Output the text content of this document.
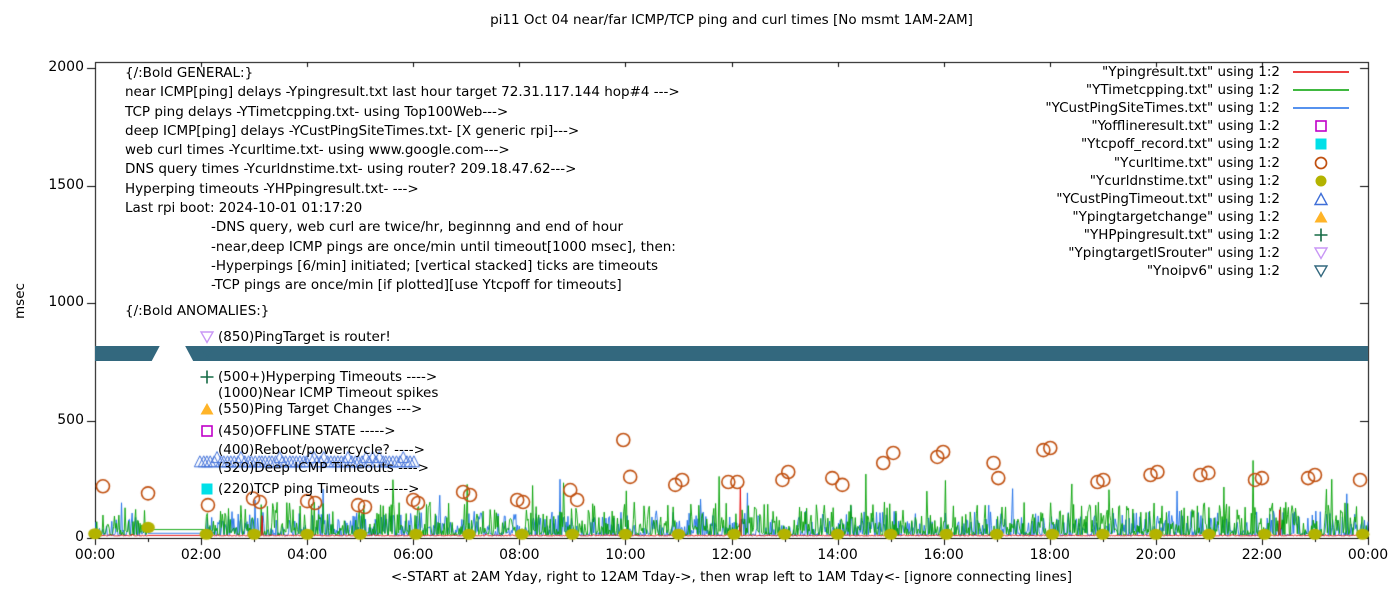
pi11 Oct 04 near/far ICMP/TCP ping and curl times [No msmt 1AM-2AM]
msec
<-START at 2AM Yday, right to 12AM Tday->, then wrap left to 1AM Tday<- [ignore connecting lines]
0
500
1000
1500
2000
00:00	02:00	04:00	06:00	08:00	10:00	12:00	14:00	16:00	18:00	20:00	22:00	00:00
{/:Bold GENERAL:}
near ICMP[ping] delays -Ypingresult.txt last hour target 72.31.117.144 hop#4 --->
TCP ping delays -YTimetcpping.txt- using Top100Web--->
deep ICMP[ping] delays -YCustPingSiteTimes.txt- [X generic rpi]--->
web curl times -Ycurltime.txt- using www.google.com--->
DNS query times -Ycurldnstime.txt- using router? 209.18.47.62--->
Hyperping timeouts -YHPpingresult.txt- --->
Last rpi boot: 2024-10-01 01:17:20
-DNS query, web curl are twice/hr, beginnng and end of hour
-near,deep ICMP pings are once/min until timeout[1000 msec], then:
-Hyperpings [6/min] initiated; [vertical stacked] ticks are timeouts
-TCP pings are once/min [if plotted][use Ytcpoff for timeouts]
{/:Bold ANOMALIES:}
(850)PingTarget is router!
(500+)Hyperping Timeouts ---->
(1000)Near ICMP Timeout spikes
(550)Ping Target Changes --->
(450)OFFLINE STATE ----->
(400)Reboot/powercycle? ---->
(320)Deep ICMP Timeouts ---->
(220)TCP ping Timeouts ----->
"Ypingresult.txt" using 1:2
"YTimetcpping.txt" using 1:2
"YCustPingSiteTimes.txt" using 1:2
"Yofflineresult.txt" using 1:2
"Ytcpoff_record.txt" using 1:2
"Ycurltime.txt" using 1:2
"Ycurldnstime.txt" using 1:2
"YCustPingTimeout.txt" using 1:2
"Ypingtargetchange" using 1:2
"YHPpingresult.txt" using 1:2
"YpingtargetISrouter" using 1:2
"Ynoipv6" using 1:2
